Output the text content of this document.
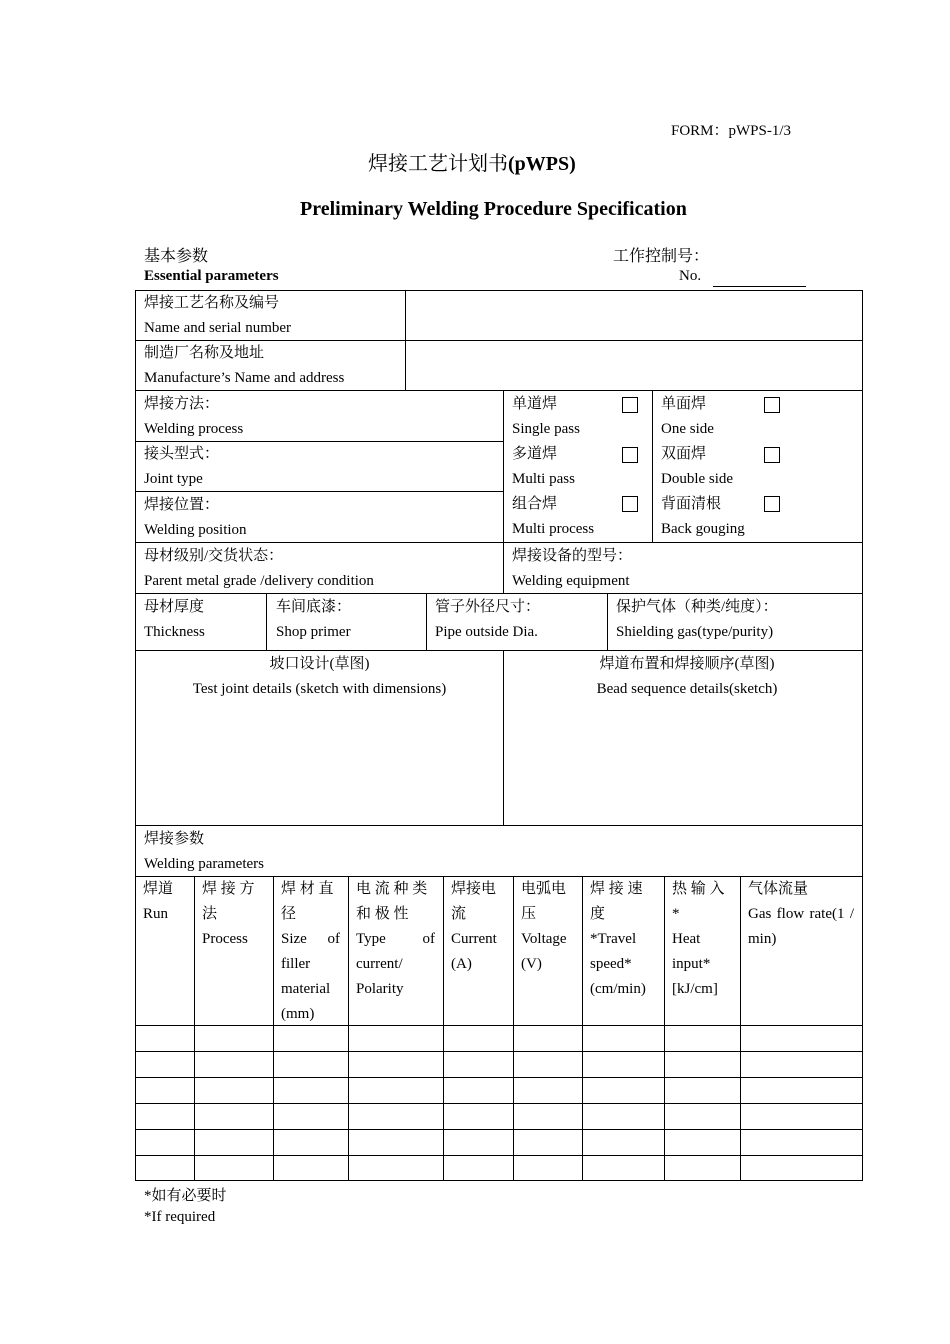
FORM：pWPS-1/3
焊接工艺计划书(pWPS)
Preliminary Welding Procedure Specification
基本参数
Essential parameters
工作控制号：
No.
焊接工艺名称及编号
Name and serial number
制造厂名称及地址
Manufacture’s Name and address
焊接方法：
Welding process
接头型式：
Joint type
焊接位置：
Welding position
单道焊
Single pass
多道焊
Multi pass
组合焊
Multi process
单面焊
One side
双面焊
Double side
背面清根
Back gouging
母材级别/交货状态：
Parent metal grade /delivery condition
焊接设备的型号：
Welding equipment
母材厚度
Thickness
车间底漆：
Shop primer
管子外径尺寸：
Pipe outside Dia.
保护气体（种类/纯度）：
Shielding gas(type/purity)
坡口设计(草图)
Test joint details (sketch with dimensions)
焊道布置和焊接顺序(草图)
Bead sequence details(sketch)
焊接参数
Welding parameters
焊道
Run
焊 接 方法
Process
焊 材 直径
Size of filler material (mm)
电 流 种 类和 极 性
Type of current/ Polarity
焊接电流
Current (A)
电弧电压
Voltage (V)
焊 接 速度
*Travel speed* (cm/min)
热 输 入 *
Heat input* [kJ/cm]
气体流量
Gas flow rate(1 / min)
*如有必要时
*If required
